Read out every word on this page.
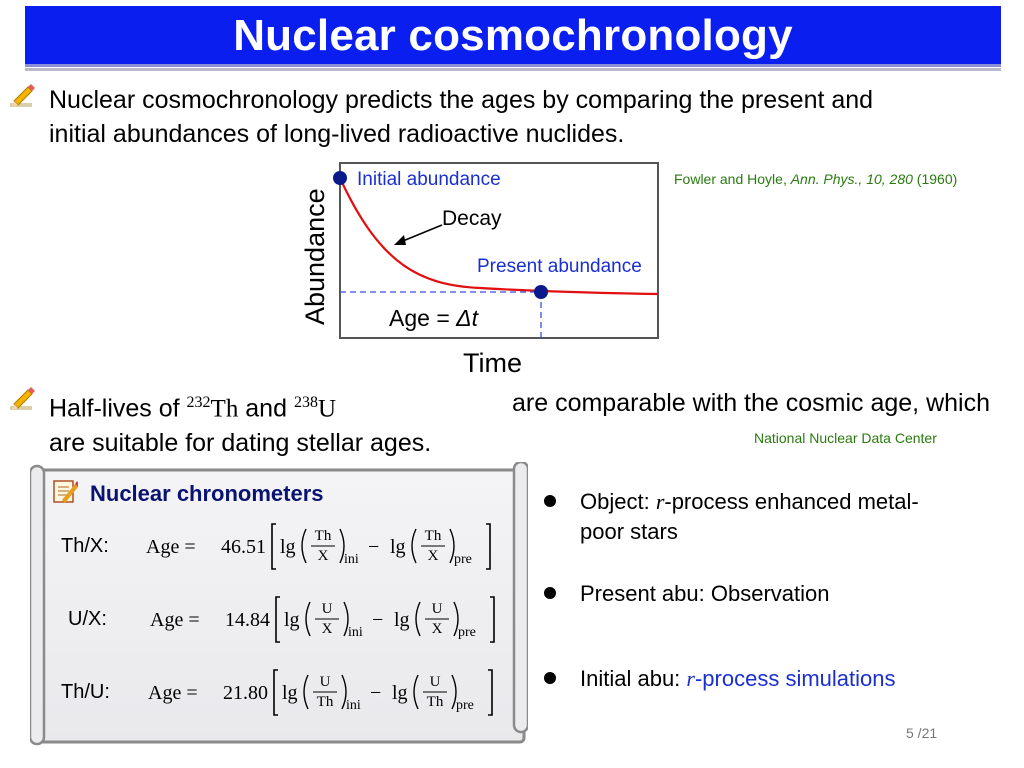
Nuclear cosmochronology
Nuclear cosmochronology predicts the ages by comparing the present and
initial abundances of long-lived radioactive nuclides.
Fowler and Hoyle, Ann. Phys., 10, 280 (1960)
Initial abundance
Decay
Present abundance
Age = Δt
Abundance
Time
Half-lives of $^{232}$Th and $^{238}$U	are comparable with the cosmic age, which
are suitable for dating stellar ages.	National Nuclear Data Center
Nuclear chronometers
Th/X: Age = 46.51 lg Th
X ini
− lg Th
X pre
U/X: Age = 14.84 lg U
X ini
− lg U
X pre
Th/U: Age = 21.80 lg U
Th ini
− lg U
Th pre
Object: r-process enhanced metal-
poor stars
Present abu: Observation
Initial abu: r-process simulations
5 /21
